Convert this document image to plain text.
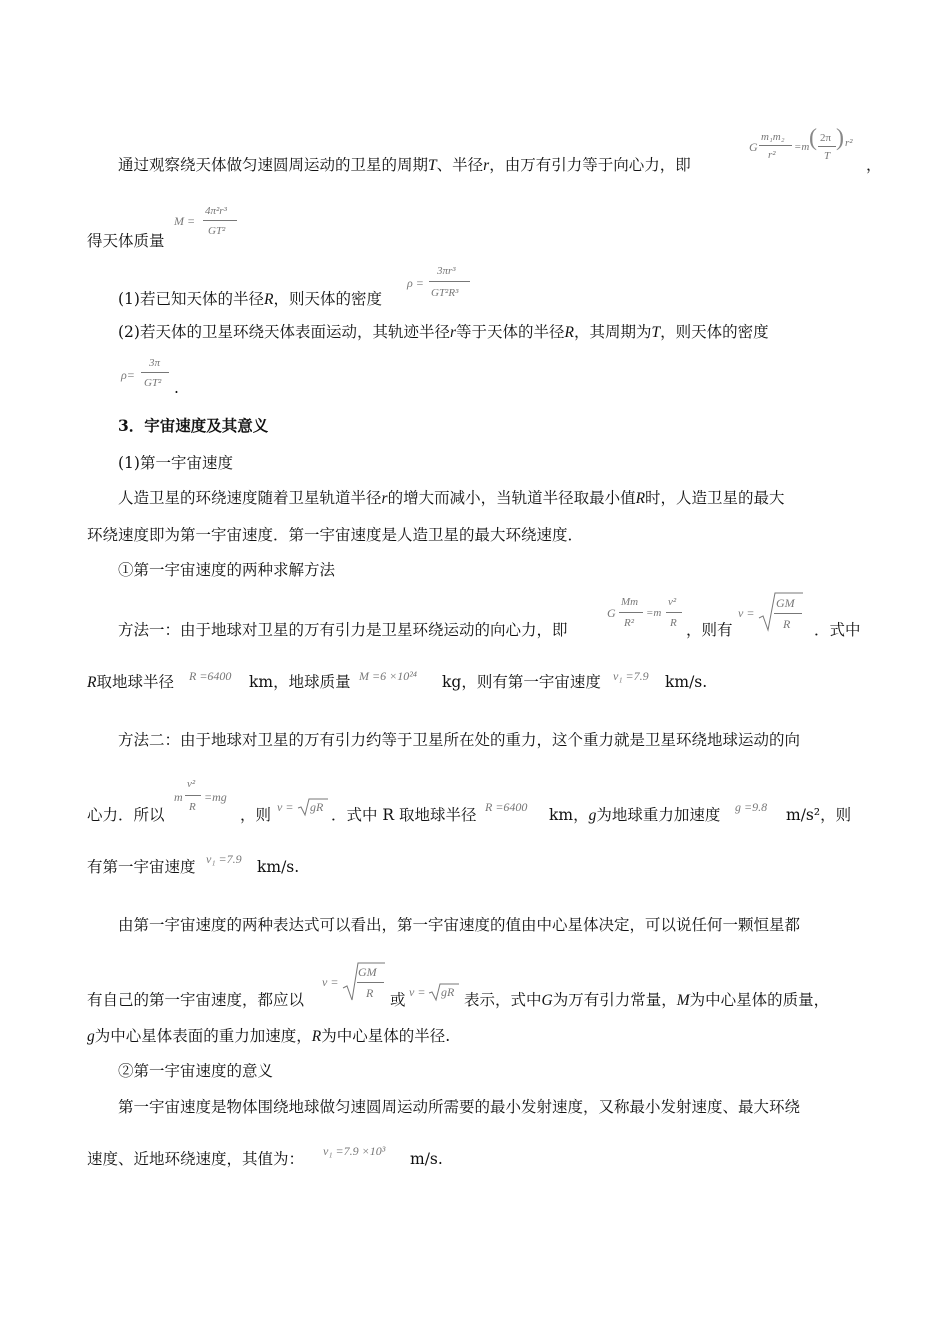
通过观察绕天体做匀速圆周运动的卫星的周期T、半径r，由万有引力等于向心力，即	，
G
m₁m₂
r²
=m ( 2π
T
) r²
得天体质量
M =
4π²r³
GT²
(1)若已知天体的半径R，则天体的密度
ρ =
3πr³
GT²R³
(2)若天体的卫星环绕天体表面运动，其轨迹半径r等于天体的半径R，其周期为T，则天体的密度
ρ=
3π
GT² .
3．宇宙速度及其意义
(1)第一宇宙速度
人造卫星的环绕速度随着卫星轨道半径r的增大而减小，当轨道半径取最小值R时，人造卫星的最大
环绕速度即为第一宇宙速度．第一宇宙速度是人造卫星的最大环绕速度．
①第一宇宙速度的两种求解方法
方法一：由于地球对卫星的万有引力是卫星环绕运动的向心力，即
G
Mm
R²
=m
v²
R ，则有
v =
GM
R ．式中
R取地球半径 R =6400 km，地球质量 M =6 ×10²⁴ kg，则有第一宇宙速度 v₁ =7.9 km/s.
方法二：由于地球对卫星的万有引力约等于卫星所在处的重力，这个重力就是卫星环绕地球运动的向
心力．所以
m
v²
R
=mg
，则 v = gR ．式中 R 取地球半径 R =6400 km，g为地球重力加速度 g =9.8 m/s²，则
有第一宇宙速度 v₁ =7.9 km/s.
由第一宇宙速度的两种表达式可以看出，第一宇宙速度的值由中心星体决定，可以说任何一颗恒星都
有自己的第一宇宙速度，都应以
v =
GM
R 或 v = gR 表示，式中G为万有引力常量，M为中心星体的质量，
g为中心星体表面的重力加速度，R为中心星体的半径.
②第一宇宙速度的意义
第一宇宙速度是物体围绕地球做匀速圆周运动所需要的最小发射速度，又称最小发射速度、最大环绕
速度、近地环绕速度，其值为： v₁ =7.9 ×10³ m/s.
